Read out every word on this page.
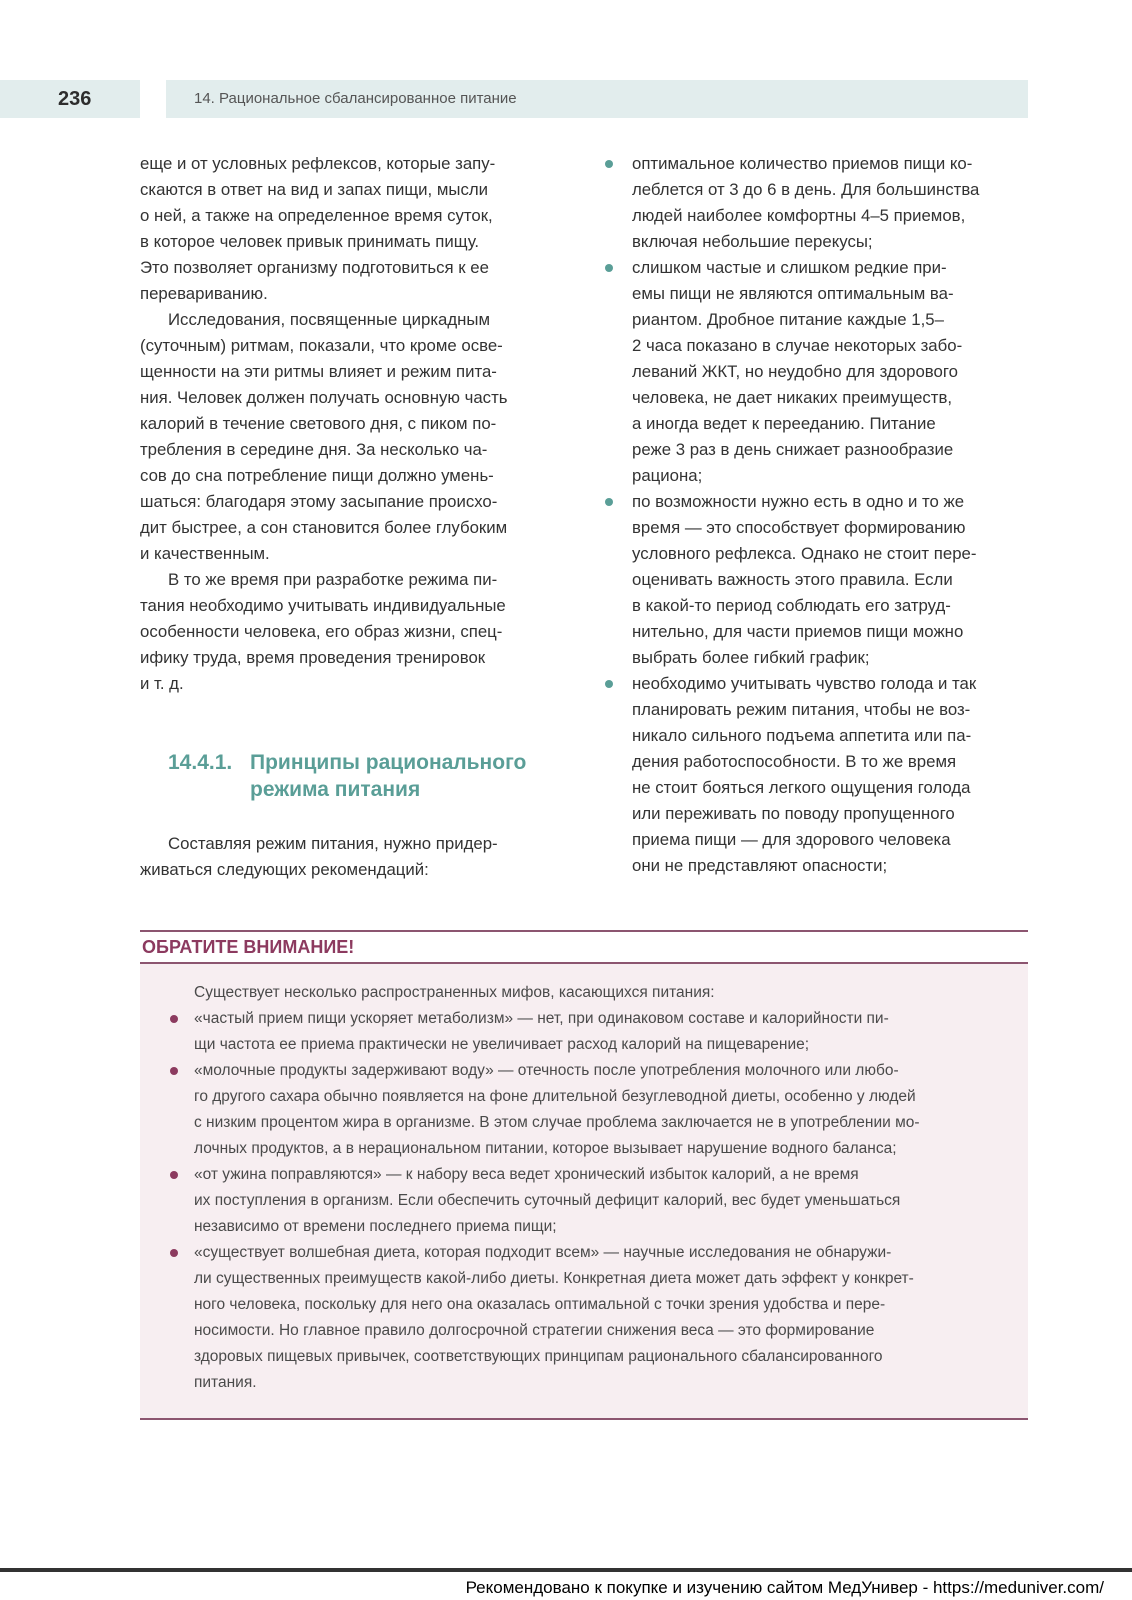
236	14. Рациональное сбалансированное питание
еще и от условных рефлексов, которые запу-
скаются в ответ на вид и запах пищи, мысли
о ней, а также на определенное время суток,
в которое человек привык принимать пищу.
Это позволяет организму подготовиться к ее
перевариванию.
Исследования, посвященные циркадным
(суточным) ритмам, показали, что кроме осве-
щенности на эти ритмы влияет и режим пита-
ния. Человек должен получать основную часть
калорий в течение светового дня, с пиком по-
требления в середине дня. За несколько ча-
сов до сна потребление пищи должно умень-
шаться: благодаря этому засыпание происхо-
дит быстрее, а сон становится более глубоким
и качественным.
В то же время при разработке режима пи-
тания необходимо учитывать индивидуальные
особенности человека, его образ жизни, спец-
ифику труда, время проведения тренировок
и т. д.
14.4.1. Принципы рационального
режима питания
Составляя режим питания, нужно придер-
живаться следующих рекомендаций:
оптимальное количество приемов пищи ко-
леблется от 3 до 6 в день. Для большинства
людей наиболее комфортны 4–5 приемов,
включая небольшие перекусы;
слишком частые и слишком редкие при-
емы пищи не являются оптимальным ва-
риантом. Дробное питание каждые 1,5–
2 часа показано в случае некоторых забо-
леваний ЖКТ, но неудобно для здорового
человека, не дает никаких преимуществ,
а иногда ведет к перееданию. Питание
реже 3 раз в день снижает разнообразие
рациона;
по возможности нужно есть в одно и то же
время — это способствует формированию
условного рефлекса. Однако не стоит пере-
оценивать важность этого правила. Если
в какой-то период соблюдать его затруд-
нительно, для части приемов пищи можно
выбрать более гибкий график;
необходимо учитывать чувство голода и так
планировать режим питания, чтобы не воз-
никало сильного подъема аппетита или па-
дения работоспособности. В то же время
не стоит бояться легкого ощущения голода
или переживать по поводу пропущенного
приема пищи — для здорового человека
они не представляют опасности;
ОБРАТИТЕ ВНИМАНИЕ!
Существует несколько распространенных мифов, касающихся питания:
«частый прием пищи ускоряет метаболизм» — нет, при одинаковом составе и калорийности пи-
щи частота ее приема практически не увеличивает расход калорий на пищеварение;
«молочные продукты задерживают воду» — отечность после употребления молочного или любо-
го другого сахара обычно появляется на фоне длительной безуглеводной диеты, особенно у людей
с низким процентом жира в организме. В этом случае проблема заключается не в употреблении мо-
лочных продуктов, а в нерациональном питании, которое вызывает нарушение водного баланса;
«от ужина поправляются» — к набору веса ведет хронический избыток калорий, а не время
их поступления в организм. Если обеспечить суточный дефицит калорий, вес будет уменьшаться
независимо от времени последнего приема пищи;
«существует волшебная диета, которая подходит всем» — научные исследования не обнаружи-
ли существенных преимуществ какой-либо диеты. Конкретная диета может дать эффект у конкрет-
ного человека, поскольку для него она оказалась оптимальной с точки зрения удобства и пере-
носимости. Но главное правило долгосрочной стратегии снижения веса — это формирование
здоровых пищевых привычек, соответствующих принципам рационального сбалансированного
питания.
Рекомендовано к покупке и изучению сайтом МедУнивер - https://meduniver.com/
